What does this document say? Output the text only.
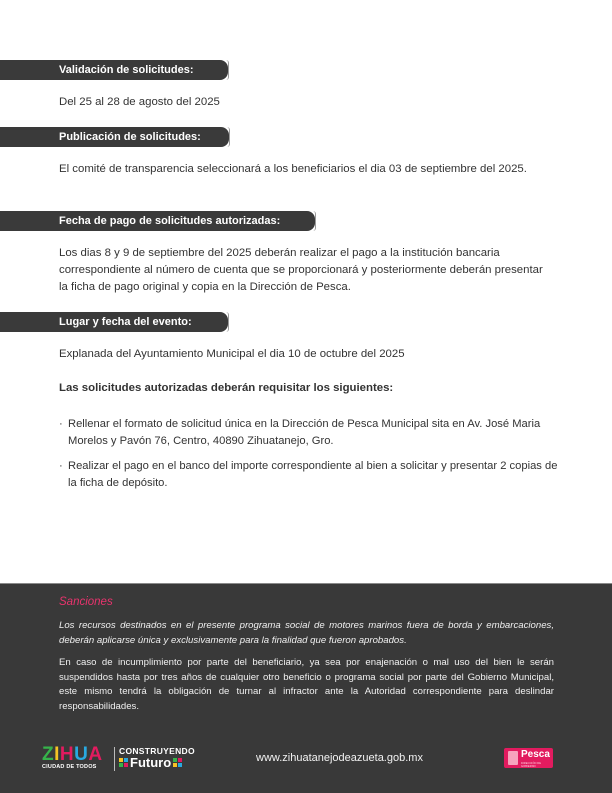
Validación de solicitudes:
Del 25 al 28 de agosto del 2025
Publicación de solicitudes:
El comité de transparencia seleccionará a los beneficiarios el dia 03 de septiembre del 2025.
Fecha de pago de solicitudes autorizadas:
Los dias 8 y 9 de septiembre del 2025 deberán realizar el pago a la institución bancaria correspondiente al número de cuenta que se proporcionará y posteriormente deberán presentar la ficha de pago original y copia en la Dirección de Pesca.
Lugar y fecha del evento:
Explanada del Ayuntamiento Municipal el dia 10 de octubre del 2025
Las solicitudes autorizadas deberán requisitar los siguientes:
· Rellenar el formato de solicitud única en la Dirección de Pesca Municipal sita en Av. José Maria Morelos y Pavón 76, Centro, 40890 Zihuatanejo, Gro.
· Realizar el pago en el banco del importe correspondiente al bien a solicitar y presentar 2 copias de la ficha de depósito.
Sanciones
Los recursos destinados en el presente programa social de motores marinos fuera de borda y embarcaciones, deberán aplicarse única y exclusivamente para la finalidad que fueron aprobados.
En caso de incumplimiento por parte del beneficiario, ya sea por enajenación o mal uso del bien le serán suspendidos hasta por tres años de cualquier otro beneficio o programa social por parte del Gobierno Municipal, este mismo tendrá la obligación de turnar al infractor ante la Autoridad correspondiente para deslindar responsabilidades.
ZIHUA
CIUDAD DE TODOS
CONSTRUYENDO
Futuro	www.zihuatanejodeazueta.gob.mx	Pesca
DIRECCIÓN DE GOBIERNO
